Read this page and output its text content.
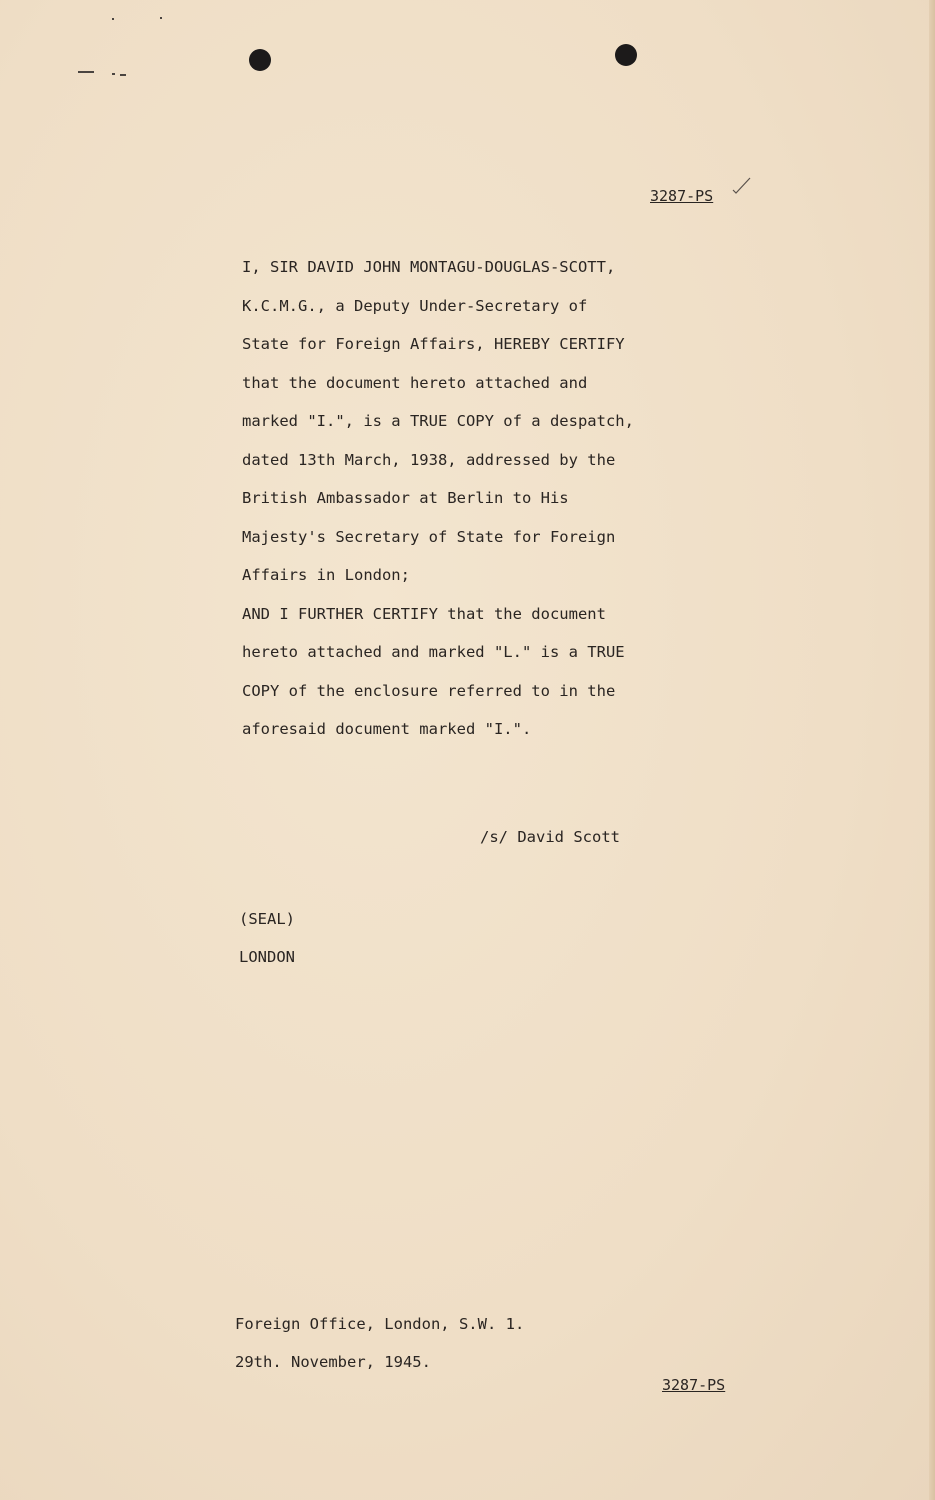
3287-PS
I, SIR DAVID JOHN MONTAGU-DOUGLAS-SCOTT,
K.C.M.G., a Deputy Under-Secretary of
State for Foreign Affairs, HEREBY CERTIFY
that the document hereto attached and
marked "I.", is a TRUE COPY of a despatch,
dated 13th March, 1938, addressed by the
British Ambassador at Berlin to His
Majesty's Secretary of State for Foreign
Affairs in London;
AND I FURTHER CERTIFY that the document
hereto attached and marked "L." is a TRUE
COPY of the enclosure referred to in the
aforesaid document marked "I.".
/s/ David Scott
(SEAL)
LONDON
Foreign Office, London, S.W. 1.
29th. November, 1945.
3287-PS
